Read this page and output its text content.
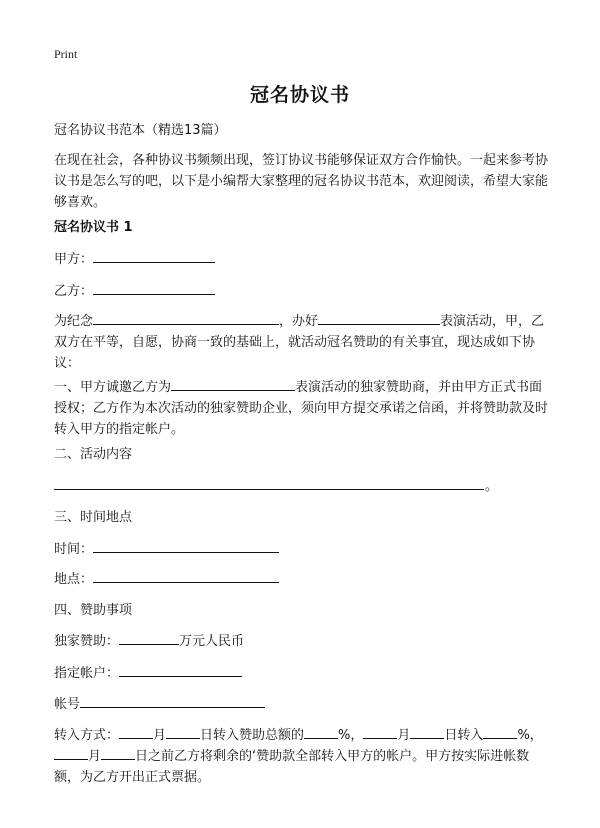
Print
冠名协议书
冠名协议书范本（精选13篇）
在现在社会，各种协议书频频出现，签订协议书能够保证双方合作愉快。一起来参考协议书是怎么写的吧，以下是小编帮大家整理的冠名协议书范本，欢迎阅读，希望大家能够喜欢。
冠名协议书 1
甲方：
乙方：
为纪念	，办好	表演活动，甲，乙双方在平等，自愿，协商一致的基础上，就活动冠名赞助的有关事宜，现达成如下协议：
一、甲方诚邀乙方为	表演活动的独家赞助商，并由甲方正式书面授权；乙方作为本次活动的独家赞助企业，须向甲方提交承诺之信函，并将赞助款及时转入甲方的指定帐户。
二、活动内容
。
三、时间地点
时间：
地点：
四、赞助事项
独家赞助：	万元人民币
指定帐户：
帐号
转入方式：	月	日转入赞助总额的	%，	月	日转入	%，月	日之前乙方将剩余的‘赞助款全部转入甲方的帐户。甲方按实际进帐数额，为乙方开出正式票据。
